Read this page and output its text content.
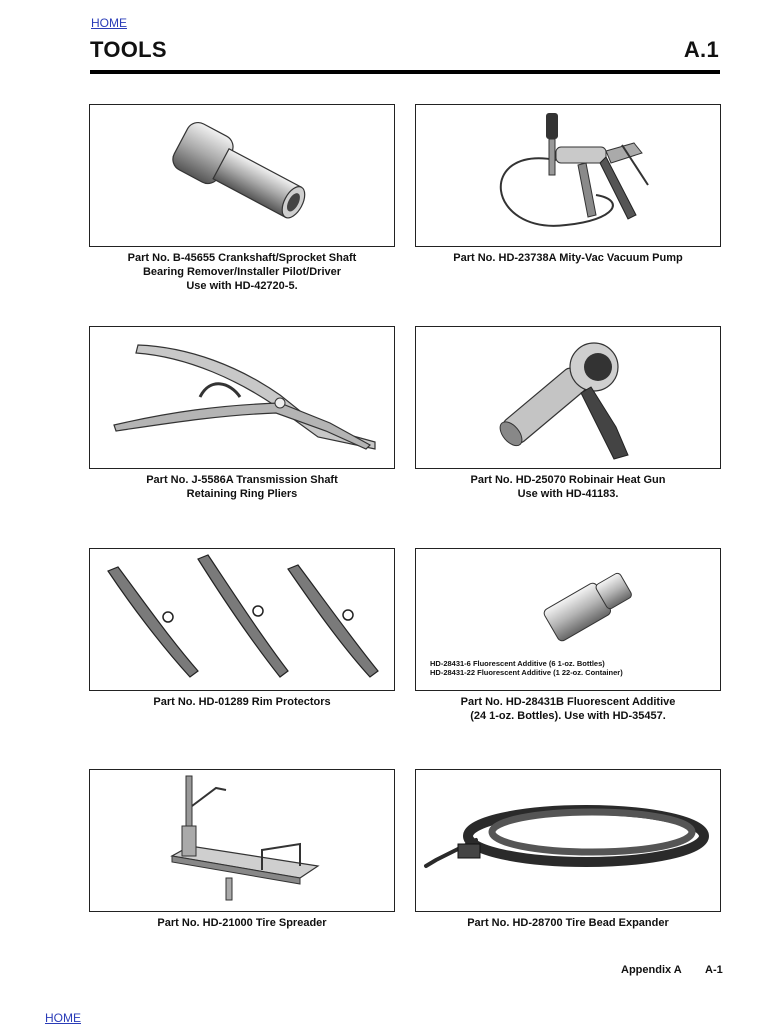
HOME
TOOLS	A.1
Part No. B-45655 Crankshaft/Sprocket Shaft
Bearing Remover/Installer Pilot/Driver
Use with HD-42720-5.
Part No. HD-23738A Mity-Vac Vacuum Pump
Part No. J-5586A Transmission Shaft
Retaining Ring Pliers
Part No. HD-25070 Robinair Heat Gun
Use with HD-41183.
Part No. HD-01289 Rim Protectors
HD-28431-6 Fluorescent Additive (6 1-oz. Bottles)
HD-28431-22 Fluorescent Additive (1 22-oz. Container)
Part No. HD-28431B Fluorescent Additive
(24 1-oz. Bottles). Use with HD-35457.
Part No. HD-21000 Tire Spreader	Part No. HD-28700 Tire Bead Expander
Appendix A A-1
HOME
